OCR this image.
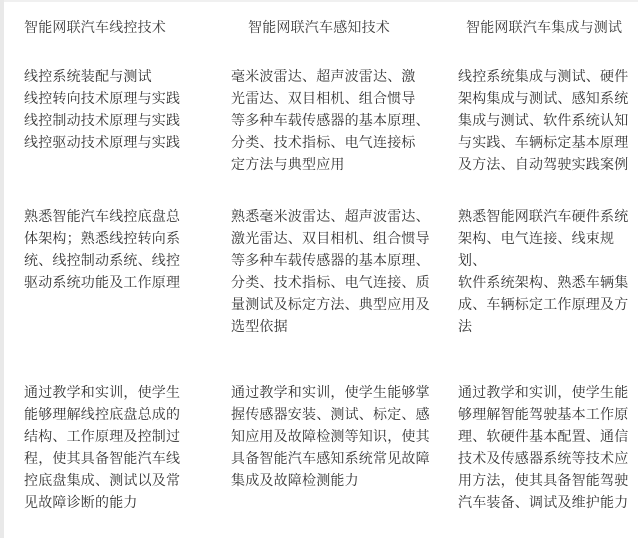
智能网联汽车线控技术	智能网联汽车感知技术	智能网联汽车集成与测试
线控系统装配与测试
线控转向技术原理与实践
线控制动技术原理与实践
线控驱动技术原理与实践
毫米波雷达、超声波雷达、激
光雷达、双目相机、组合惯导
等多种车载传感器的基本原理、
分类、技术指标、电气连接标
定方法与典型应用
线控系统集成与测试、硬件
架构集成与测试、感知系统
集成与测试、软件系统认知
与实践、车辆标定基本原理
及方法、自动驾驶实践案例
熟悉智能汽车线控底盘总
体架构；熟悉线控转向系
统、线控制动系统、线控
驱动系统功能及工作原理
熟悉毫米波雷达、超声波雷达、
激光雷达、双目相机、组合惯导
等多种车载传感器的基本原理、
分类、技术指标、电气连接、质
量测试及标定方法、典型应用及
选型依据
熟悉智能网联汽车硬件系统
架构、电气连接、线束规划、
软件系统架构、熟悉车辆集
成、车辆标定工作原理及方
法
通过教学和实训，使学生
能够理解线控底盘总成的
结构、工作原理及控制过
程，使其具备智能汽车线
控底盘集成、测试以及常
见故障诊断的能力
通过教学和实训，使学生能够掌
握传感器安装、测试、标定、感
知应用及故障检测等知识，使其
具备智能汽车感知系统常见故障
集成及故障检测能力
通过教学和实训，使学生能
够理解智能驾驶基本工作原
理、软硬件基本配置、通信
技术及传感器系统等技术应
用方法，使其具备智能驾驶
汽车装备、调试及维护能力
